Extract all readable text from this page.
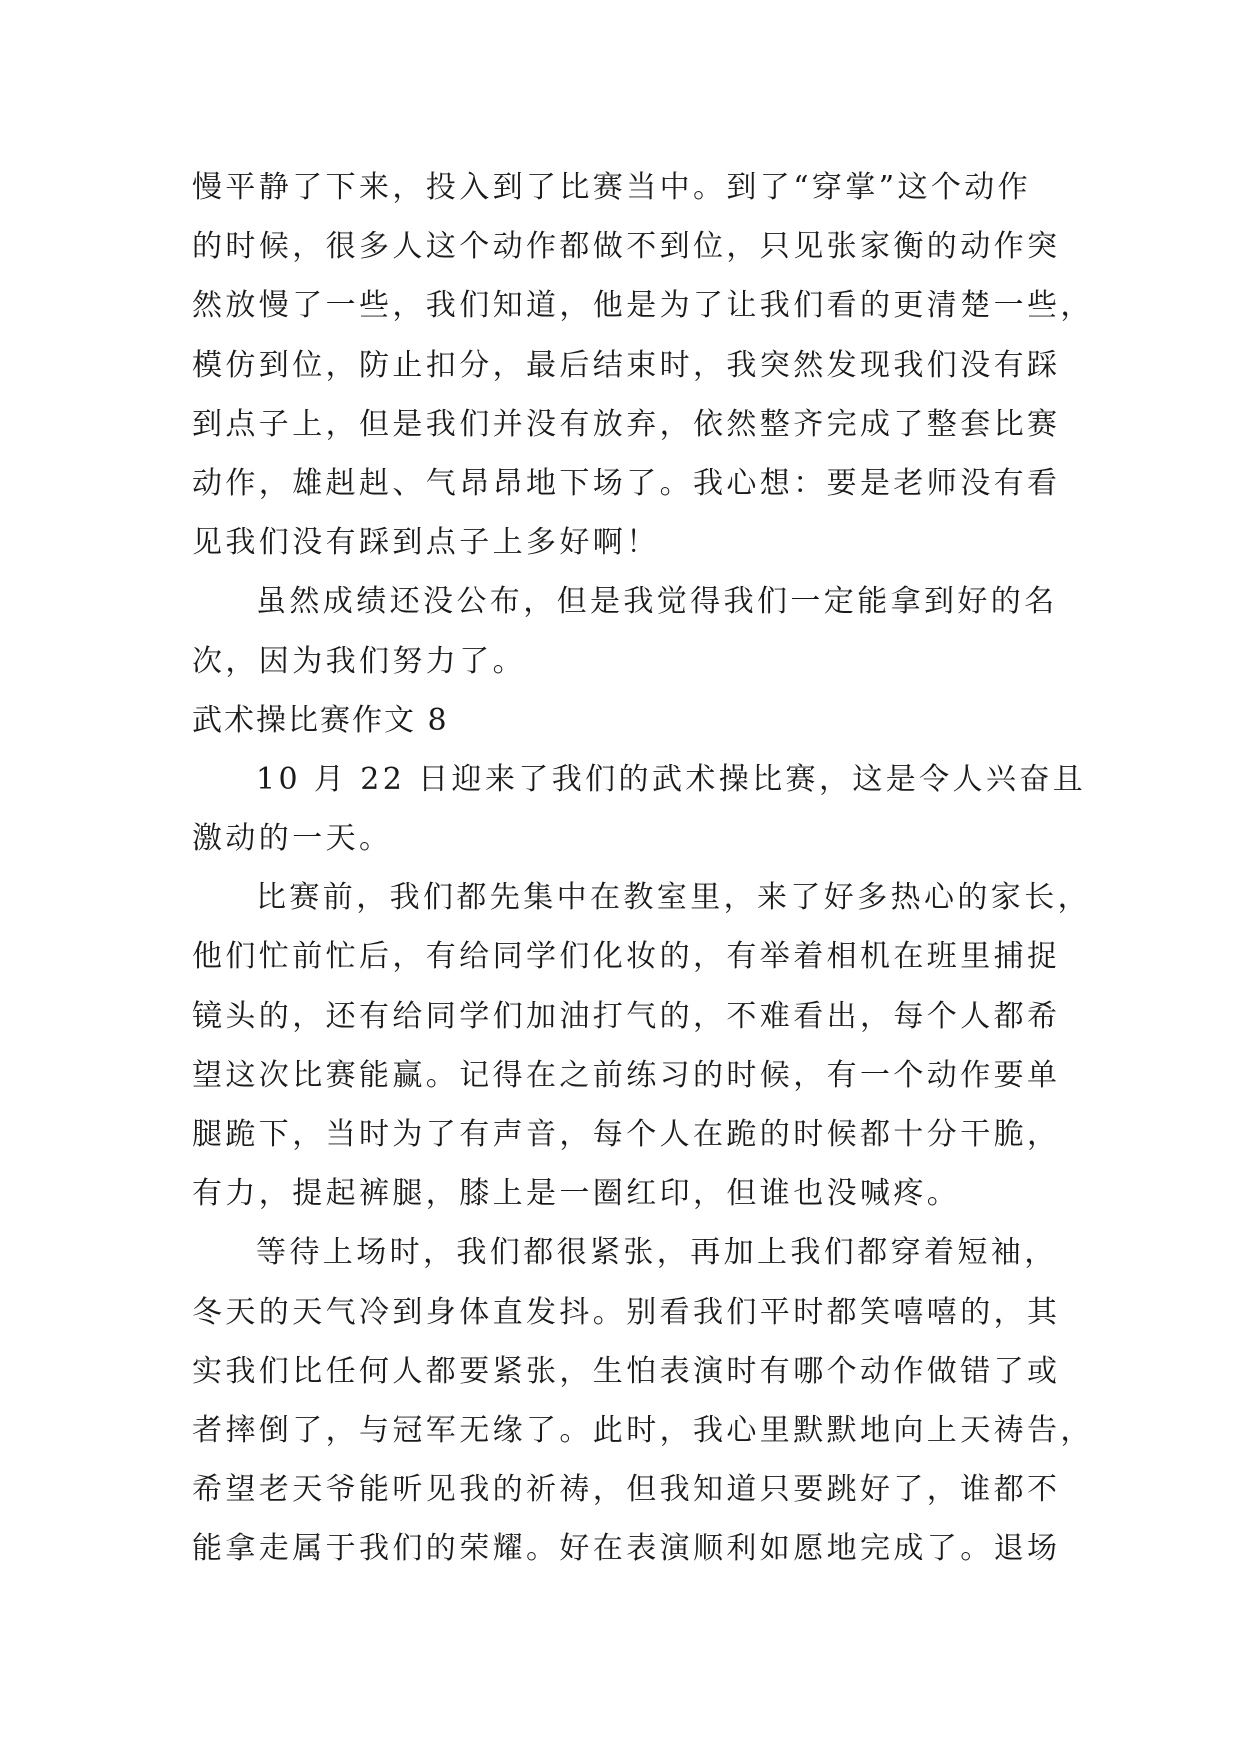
慢平静了下来，投入到了比赛当中。到了“穿掌”这个动作
的时候，很多人这个动作都做不到位，只见张家衡的动作突
然放慢了一些，我们知道，他是为了让我们看的更清楚一些，
模仿到位，防止扣分，最后结束时，我突然发现我们没有踩
到点子上，但是我们并没有放弃，依然整齐完成了整套比赛
动作，雄赳赳、气昂昂地下场了。我心想：要是老师没有看
见我们没有踩到点子上多好啊！
虽然成绩还没公布，但是我觉得我们一定能拿到好的名
次，因为我们努力了。
武术操比赛作文 8
10 月 22 日迎来了我们的武术操比赛，这是令人兴奋且
激动的一天。
比赛前，我们都先集中在教室里，来了好多热心的家长，
他们忙前忙后，有给同学们化妆的，有举着相机在班里捕捉
镜头的，还有给同学们加油打气的，不难看出，每个人都希
望这次比赛能赢。记得在之前练习的时候，有一个动作要单
腿跪下，当时为了有声音，每个人在跪的时候都十分干脆，
有力，提起裤腿，膝上是一圈红印，但谁也没喊疼。
等待上场时，我们都很紧张，再加上我们都穿着短袖，
冬天的天气冷到身体直发抖。别看我们平时都笑嘻嘻的，其
实我们比任何人都要紧张，生怕表演时有哪个动作做错了或
者摔倒了，与冠军无缘了。此时，我心里默默地向上天祷告，
希望老天爷能听见我的祈祷，但我知道只要跳好了，谁都不
能拿走属于我们的荣耀。好在表演顺利如愿地完成了。退场
